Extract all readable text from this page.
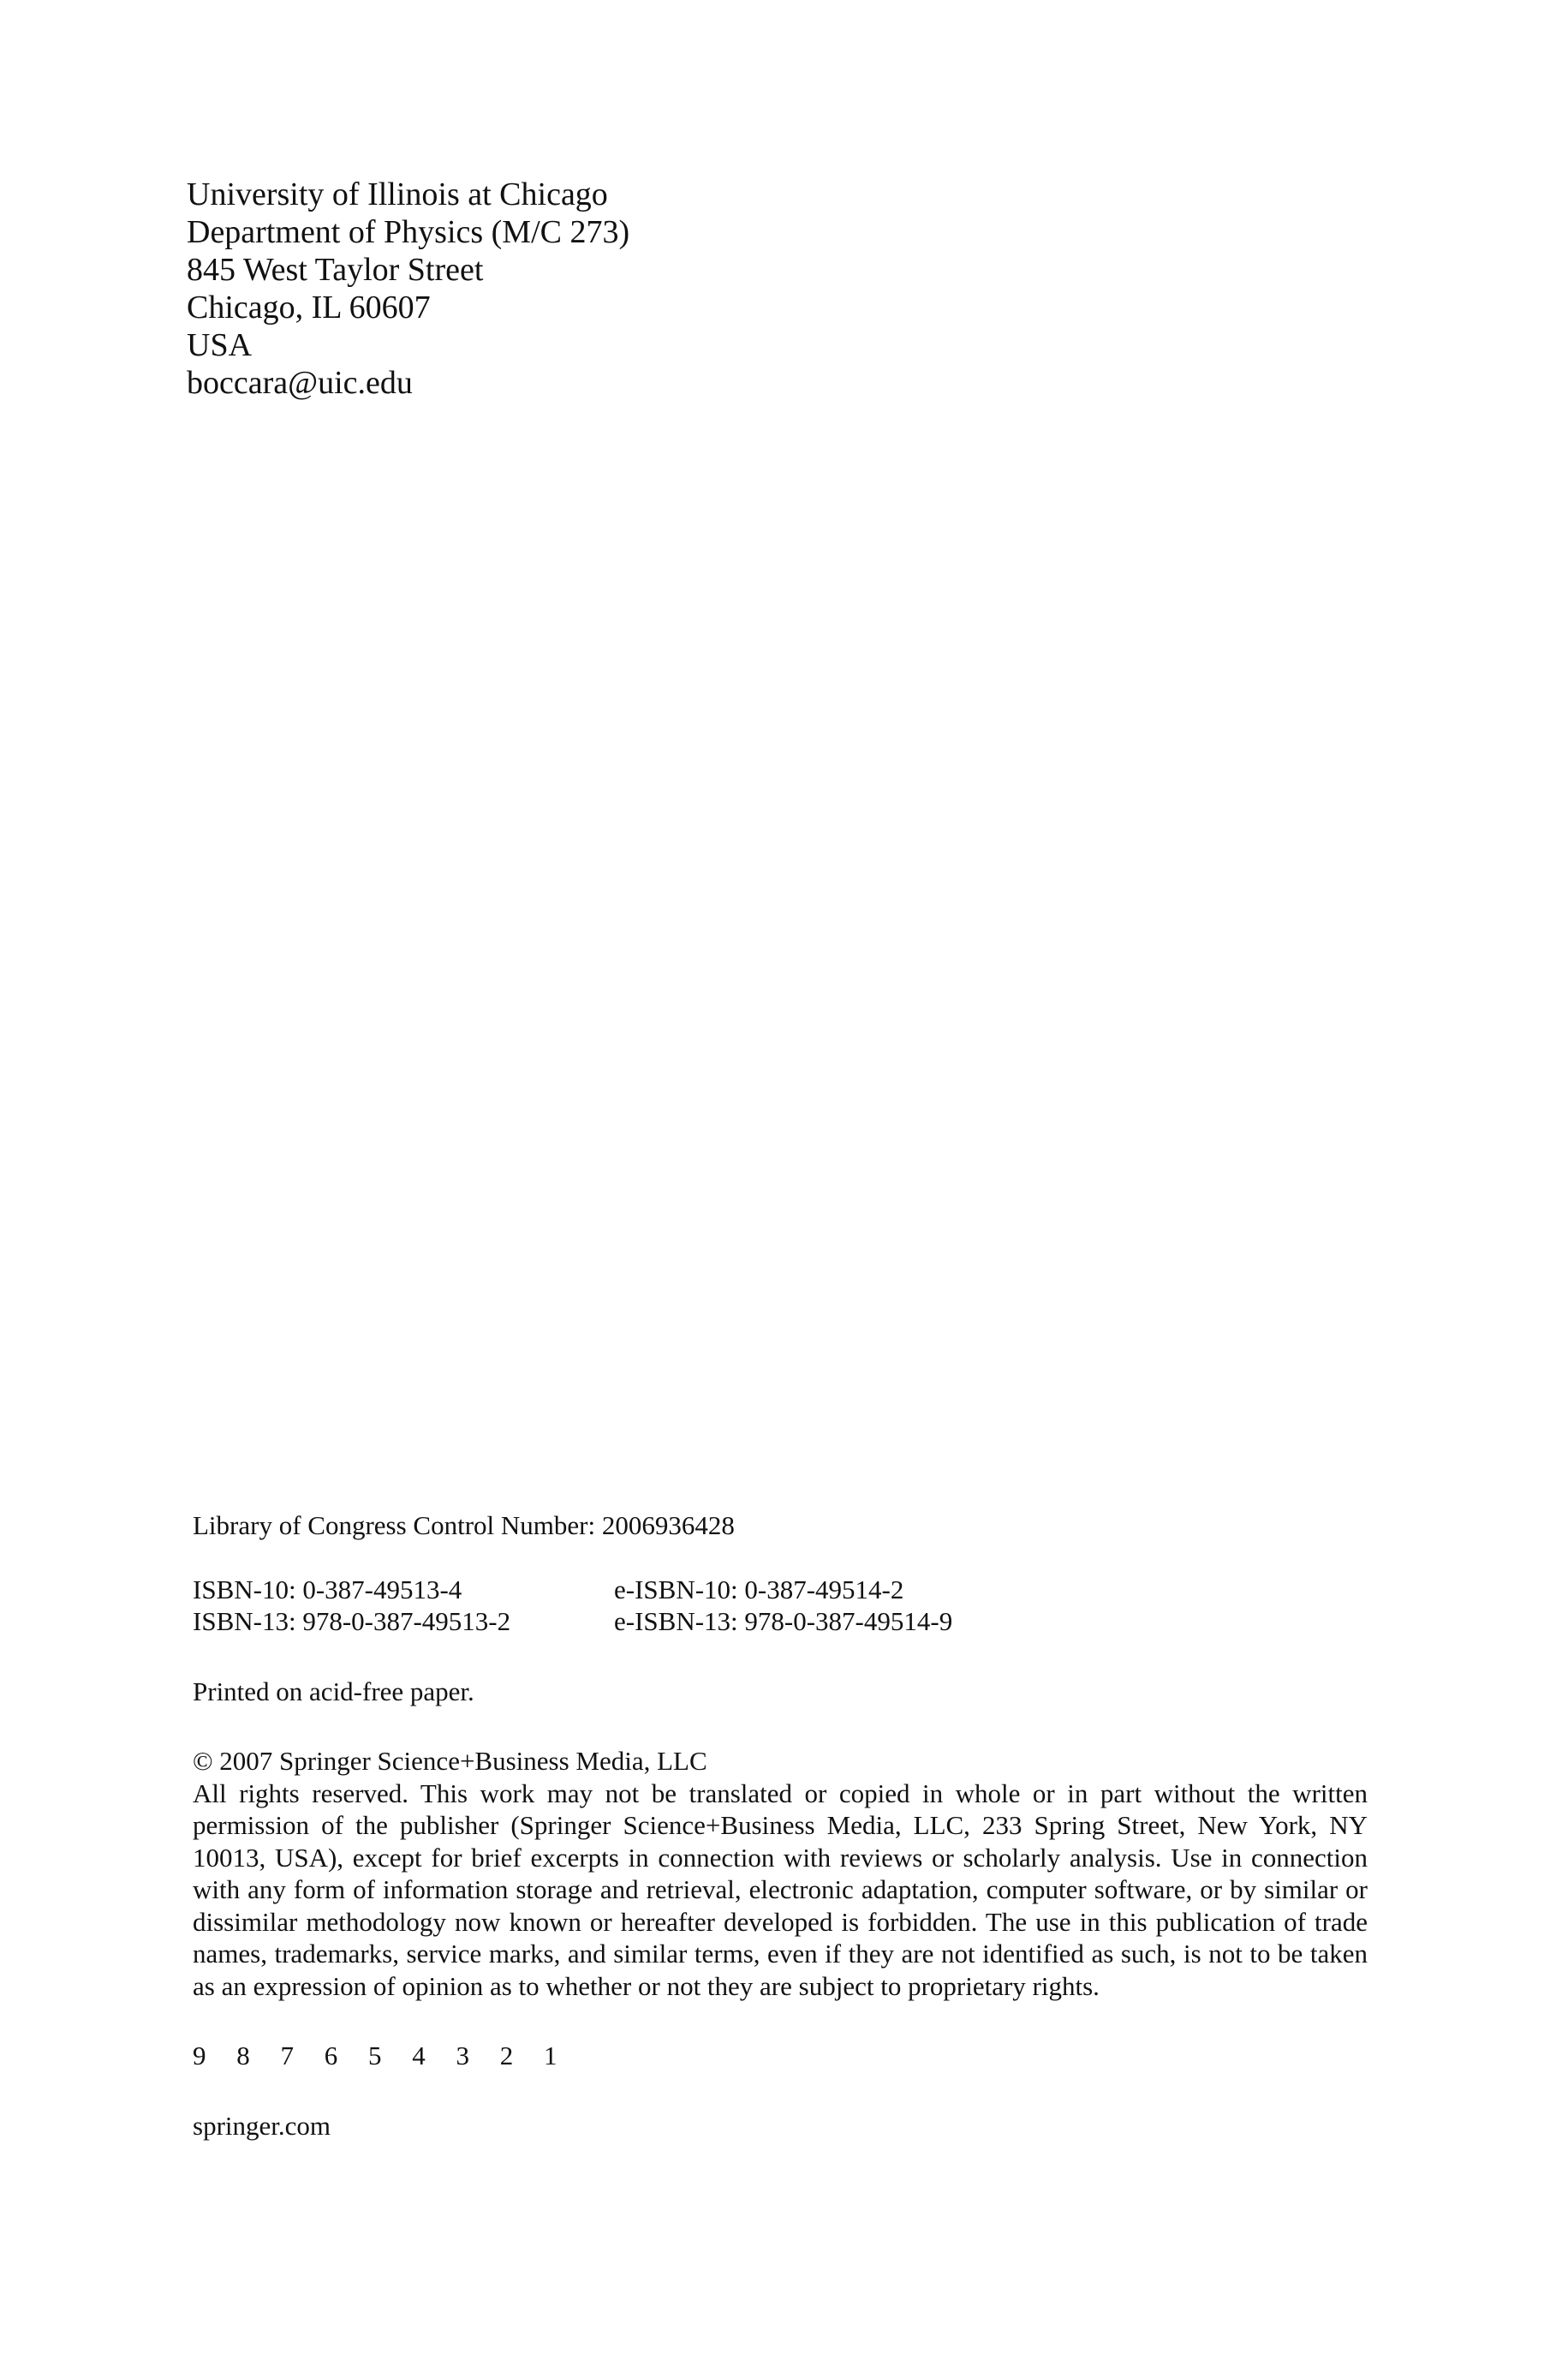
University of Illinois at Chicago
Department of Physics (M/C 273)
845 West Taylor Street
Chicago, IL 60607
USA
boccara@uic.edu
Library of Congress Control Number: 2006936428
ISBN-10: 0-387-49513-4	e-ISBN-10: 0-387-49514-2
ISBN-13: 978-0-387-49513-2	e-ISBN-13: 978-0-387-49514-9
Printed on acid-free paper.
© 2007 Springer Science+Business Media, LLC

All rights reserved. This work may not be translated or copied in whole or in part without the written permission of the publisher (Springer Science+Business Media, LLC, 233 Spring Street, New York, NY 10013, USA), except for brief excerpts in connection with reviews or scholarly analysis. Use in connection with any form of information storage and retrieval, electronic adaptation, computer software, or by similar or dissimilar methodology now known or hereafter developed is forbidden. The use in this publication of trade names, trademarks, service marks, and similar terms, even if they are not identified as such, is not to be taken as an expression of opinion as to whether or not they are subject to proprietary rights.

9 8 7 6 5 4 3 2 1
springer.com
